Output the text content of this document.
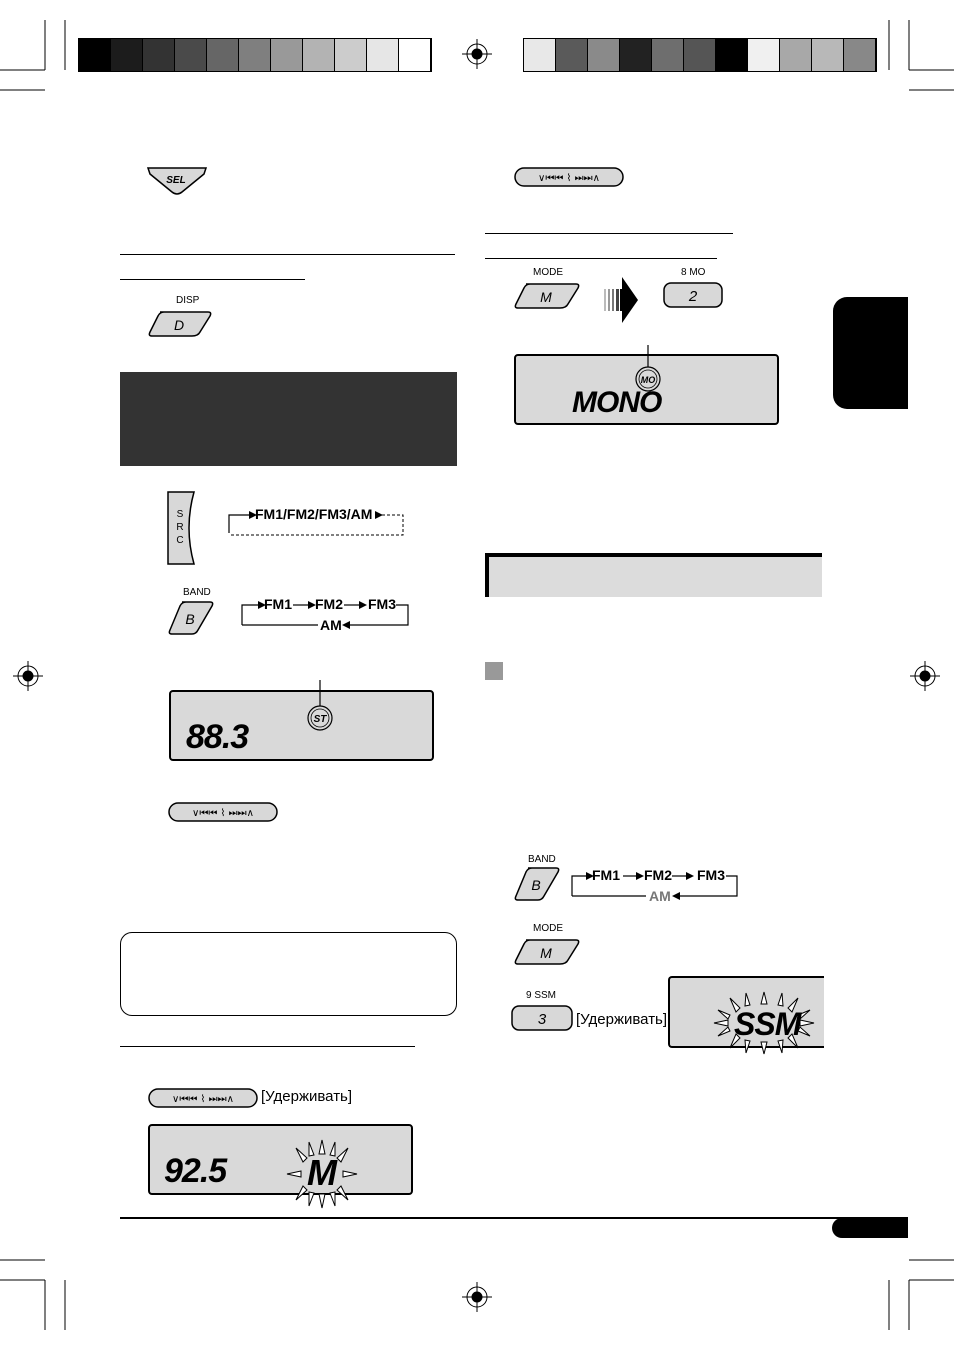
SEL
DISP
D
S
R
C
FM1/FM2/FM3/AM
BAND
B
FM1 FM2 FM3
AM
ST
88.3
∨⏮⏮ ⌇ ⏭⏭∧
∨⏮⏮ ⌇ ⏭⏭∧ [Удерживать]
92.5 M
∨⏮⏮ ⌇ ⏭⏭∧
MODE
M
8 MO
2
MO
MONO
BAND
B
FM1 FM2 FM3
AM
MODE
M
9 SSM
3 [Удерживать] SSM
